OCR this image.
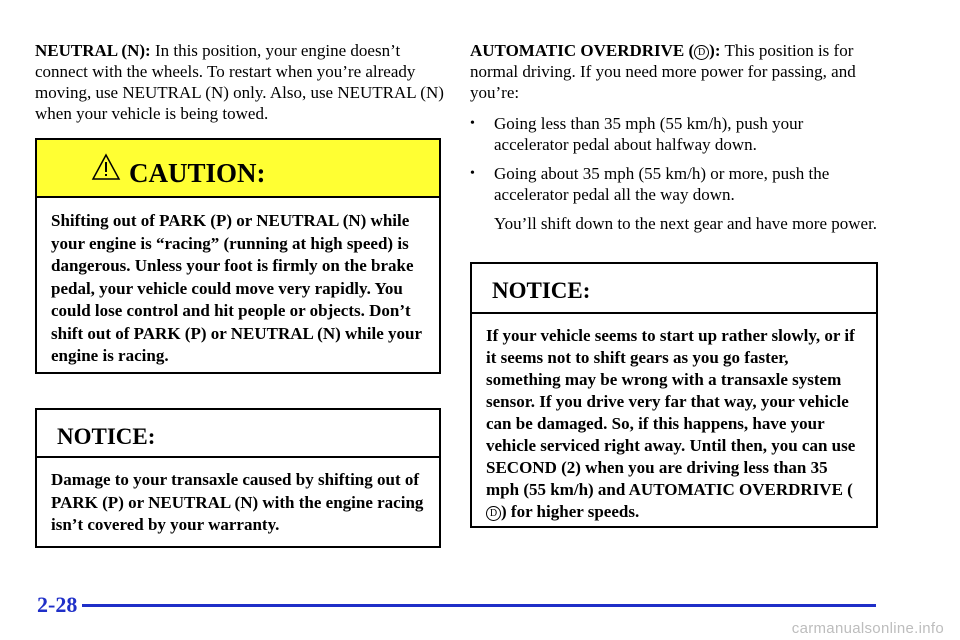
NEUTRAL (N): In this position, your engine doesn’t connect with the wheels. To restart when you’re already moving, use NEUTRAL (N) only. Also, use NEUTRAL (N) when your vehicle is being towed.

CAUTION:
Shifting out of PARK (P) or NEUTRAL (N) while your engine is “racing” (running at high speed) is dangerous. Unless your foot is firmly on the brake pedal, your vehicle could move very rapidly. You could lose control and hit people or objects. Don’t shift out of PARK (P) or NEUTRAL (N) while your engine is racing.
NOTICE:
Damage to your transaxle caused by shifting out of PARK (P) or NEUTRAL (N) with the engine racing isn’t covered by your warranty.

AUTOMATIC OVERDRIVE ( D ): This position is for normal driving. If you need more power for passing, and you’re:

• Going less than 35 mph (55 km/h), push your accelerator pedal about halfway down.
• Going about 35 mph (55 km/h) or more, push the accelerator pedal all the way down.

You’ll shift down to the next gear and have more power.

NOTICE:
If your vehicle seems to start up rather slowly, or if it seems not to shift gears as you go faster, something may be wrong with a transaxle system sensor. If you drive very far that way, your vehicle can be damaged. So, if this happens, have your vehicle serviced right away. Until then, you can use SECOND (2) when you are driving less than 35 mph (55 km/h) and AUTOMATIC OVERDRIVE (D ) for higher speeds.
2-28
carmanualsonline.info
